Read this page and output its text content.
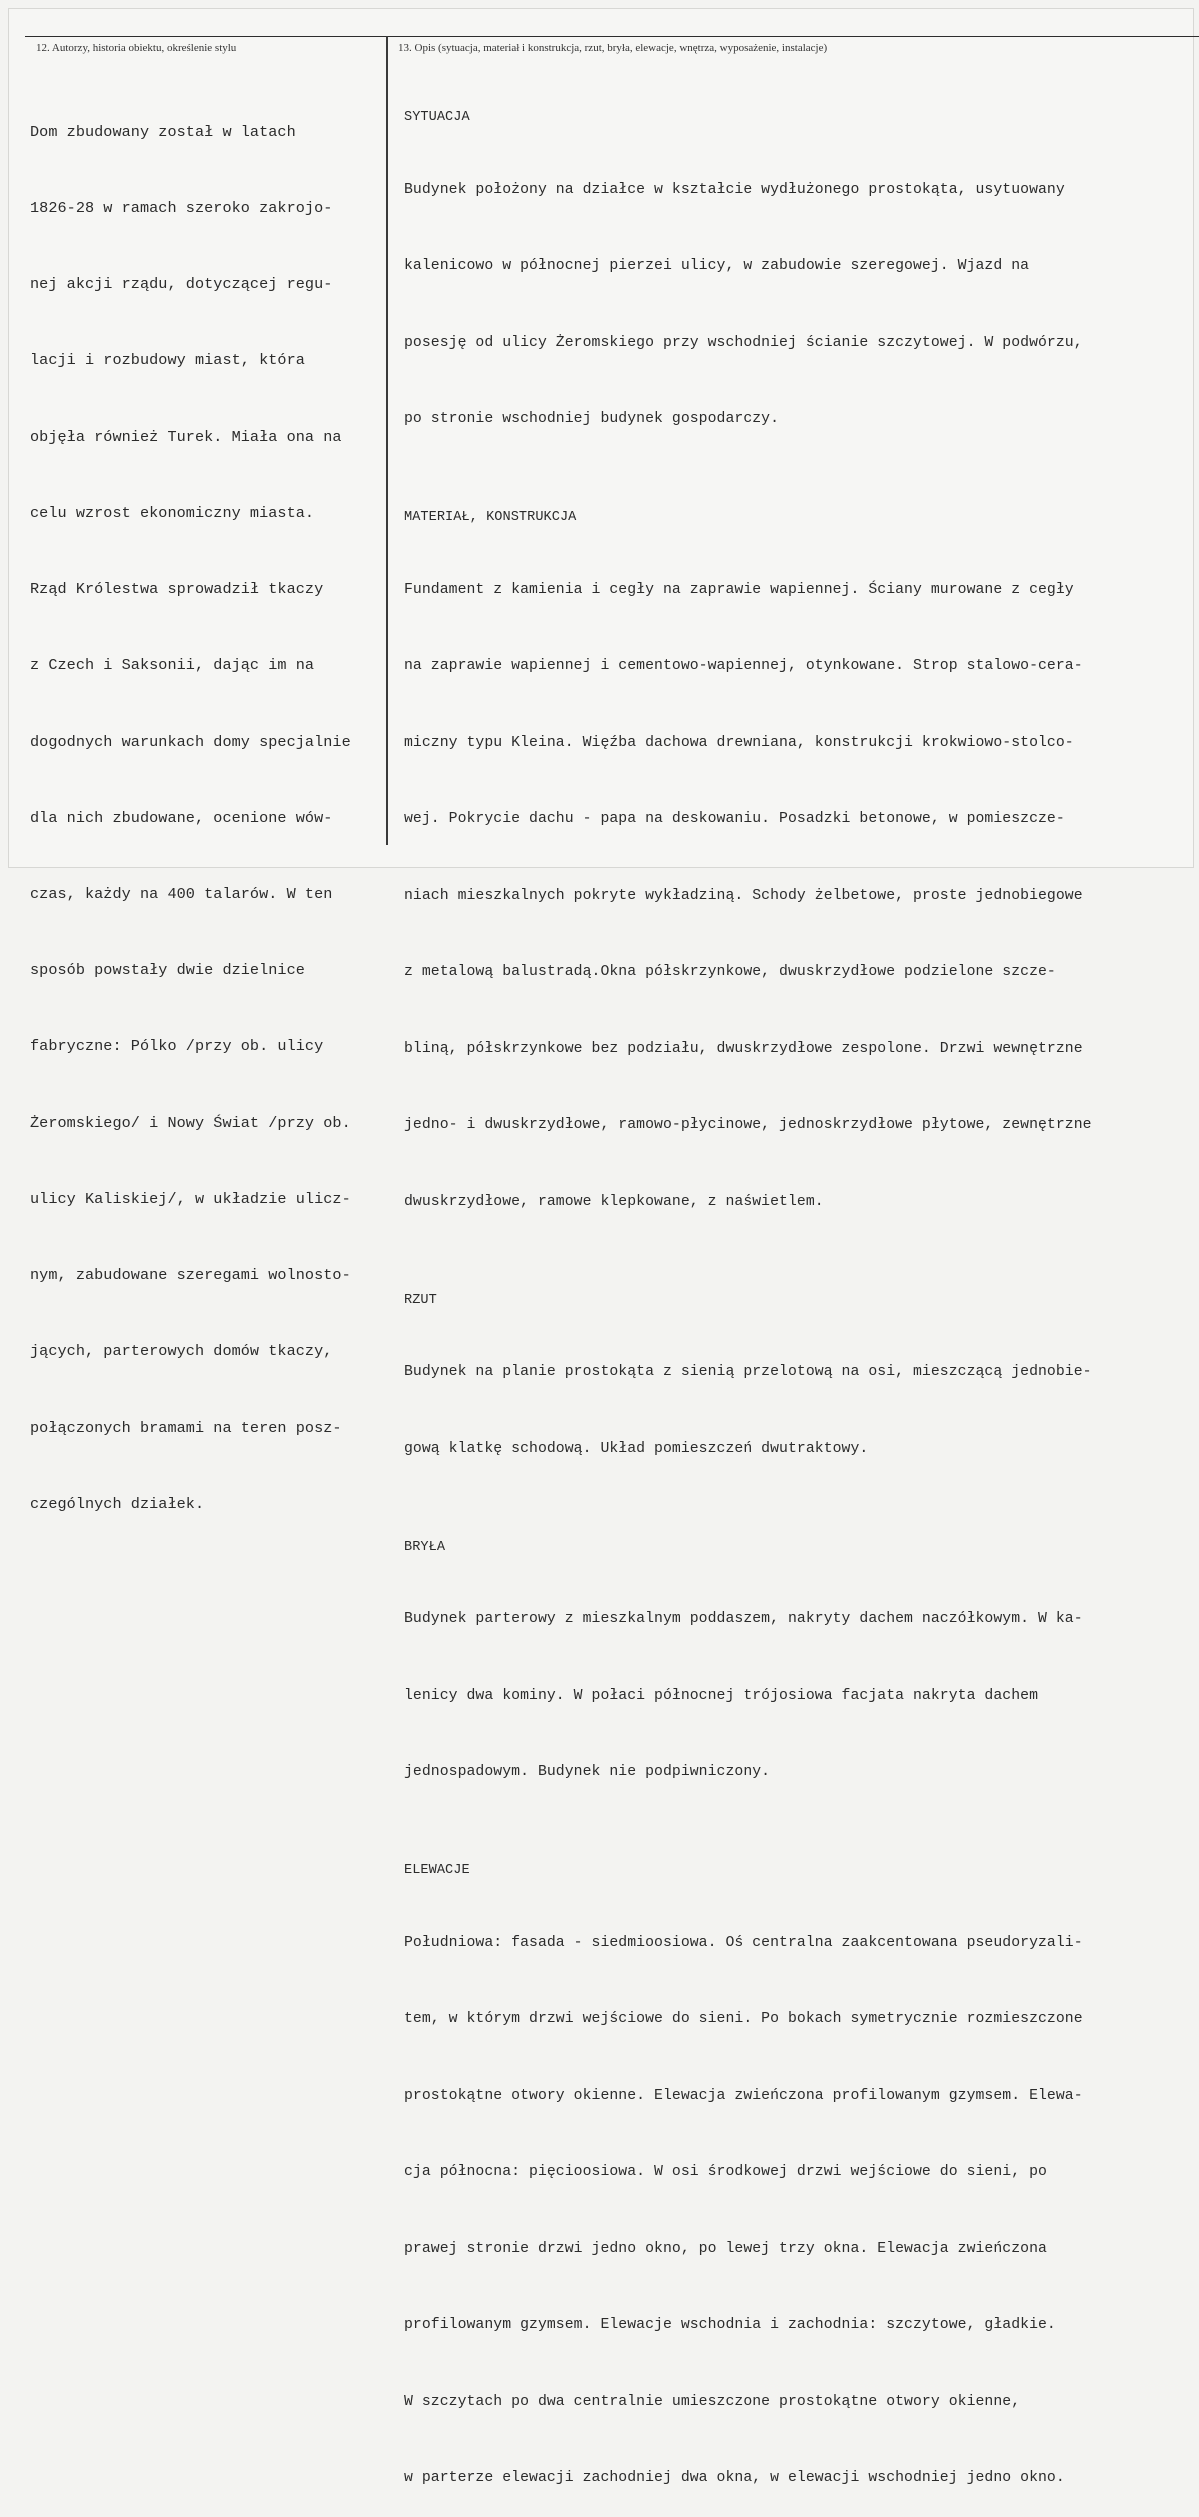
12. Autorzy, historia obiektu, określenie stylu	13. Opis (sytuacja, materiał i konstrukcja, rzut, bryła, elewacje, wnętrza, wyposażenie, instalacje)

Dom zbudowany został w latach

1826-28 w ramach szeroko zakrojo-

nej akcji rządu, dotyczącej regu-

lacji i rozbudowy miast, która

objęła również Turek. Miała ona na

celu wzrost ekonomiczny miasta.

Rząd Królestwa sprowadził tkaczy

z Czech i Saksonii, dając im na

dogodnych warunkach domy specjalnie

dla nich zbudowane, ocenione wów-

czas, każdy na 400 talarów. W ten

sposób powstały dwie dzielnice

fabryczne: Pólko /przy ob. ulicy

Żeromskiego/ i Nowy Świat /przy ob.

ulicy Kaliskiej/, w układzie ulicz-

nym, zabudowane szeregami wolnosto-

jących, parterowych domów tkaczy,

połączonych bramami na teren posz-

czególnych działek.

SYTUACJA

Budynek położony na działce w kształcie wydłużonego prostokąta, usytuowany

kalenicowo w północnej pierzei ulicy, w zabudowie szeregowej. Wjazd na

posesję od ulicy Żeromskiego przy wschodniej ścianie szczytowej. W podwórzu,

po stronie wschodniej budynek gospodarczy.

MATERIAŁ, KONSTRUKCJA

Fundament z kamienia i cegły na zaprawie wapiennej. Ściany murowane z cegły

na zaprawie wapiennej i cementowo-wapiennej, otynkowane. Strop stalowo-cera-

miczny typu Kleina. Więźba dachowa drewniana, konstrukcji krokwiowo-stolco-

wej. Pokrycie dachu - papa na deskowaniu. Posadzki betonowe, w pomieszcze-

niach mieszkalnych pokryte wykładziną. Schody żelbetowe, proste jednobiegowe

z metalową balustradą.Okna półskrzynkowe, dwuskrzydłowe podzielone szcze-

bliną, półskrzynkowe bez podziału, dwuskrzydłowe zespolone. Drzwi wewnętrzne

jedno- i dwuskrzydłowe, ramowo-płycinowe, jednoskrzydłowe płytowe, zewnętrzne

dwuskrzydłowe, ramowe klepkowane, z naświetlem.

RZUT

Budynek na planie prostokąta z sienią przelotową na osi, mieszczącą jednobie-

gową klatkę schodową. Układ pomieszczeń dwutraktowy.

BRYŁA

Budynek parterowy z mieszkalnym poddaszem, nakryty dachem naczółkowym. W ka-

lenicy dwa kominy. W połaci północnej trójosiowa facjata nakryta dachem

jednospadowym. Budynek nie podpiwniczony.

ELEWACJE

Południowa: fasada - siedmioosiowa. Oś centralna zaakcentowana pseudoryzali-

tem, w którym drzwi wejściowe do sieni. Po bokach symetrycznie rozmieszczone

prostokątne otwory okienne. Elewacja zwieńczona profilowanym gzymsem. Elewa-

cja północna: pięcioosiowa. W osi środkowej drzwi wejściowe do sieni, po

prawej stronie drzwi jedno okno, po lewej trzy okna. Elewacja zwieńczona

profilowanym gzymsem. Elewacje wschodnia i zachodnia: szczytowe, gładkie.

W szczytach po dwa centralnie umieszczone prostokątne otwory okienne,

w parterze elewacji zachodniej dwa okna, w elewacji wschodniej jedno okno.
